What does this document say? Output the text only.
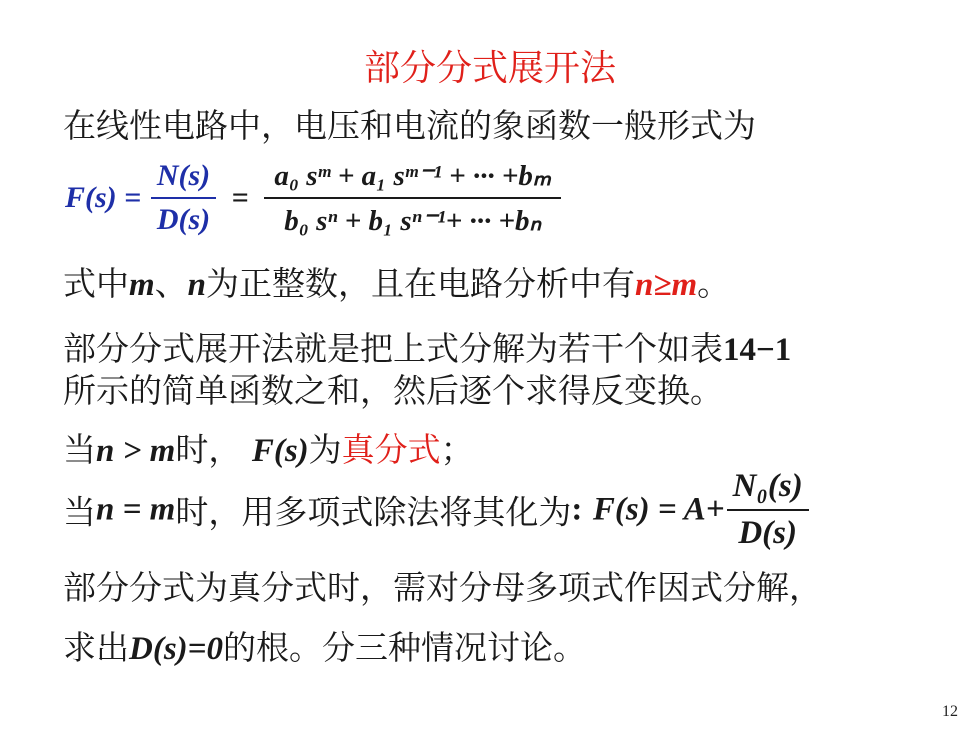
部分分式展开法
在线性电路中，电压和电流的象函数一般形式为
$F(s) = \frac{N(s)}{D(s)} = \frac{\text{a₀ sᵐ + a₁ sᵐ⁻¹ + ··· +bₘ}}{\text{b₀ sⁿ + b₁ sⁿ⁻¹+ ··· +bₙ}}$
式中m、n为正整数，且在电路分析中有n≥m。
部分分式展开法就是把上式分解为若干个如表14−1
所示的简单函数之和，然后逐个求得反变换。
当n > m时， F(s)为真分式；
当n = m时，用多项式除法将其化为: $F(s) = A+ \frac{\text{N₀(s)}}{D(s)}$
部分分式为真分式时，需对分母多项式作因式分解，
求出D(s)=0的根。分三种情况讨论。
12
